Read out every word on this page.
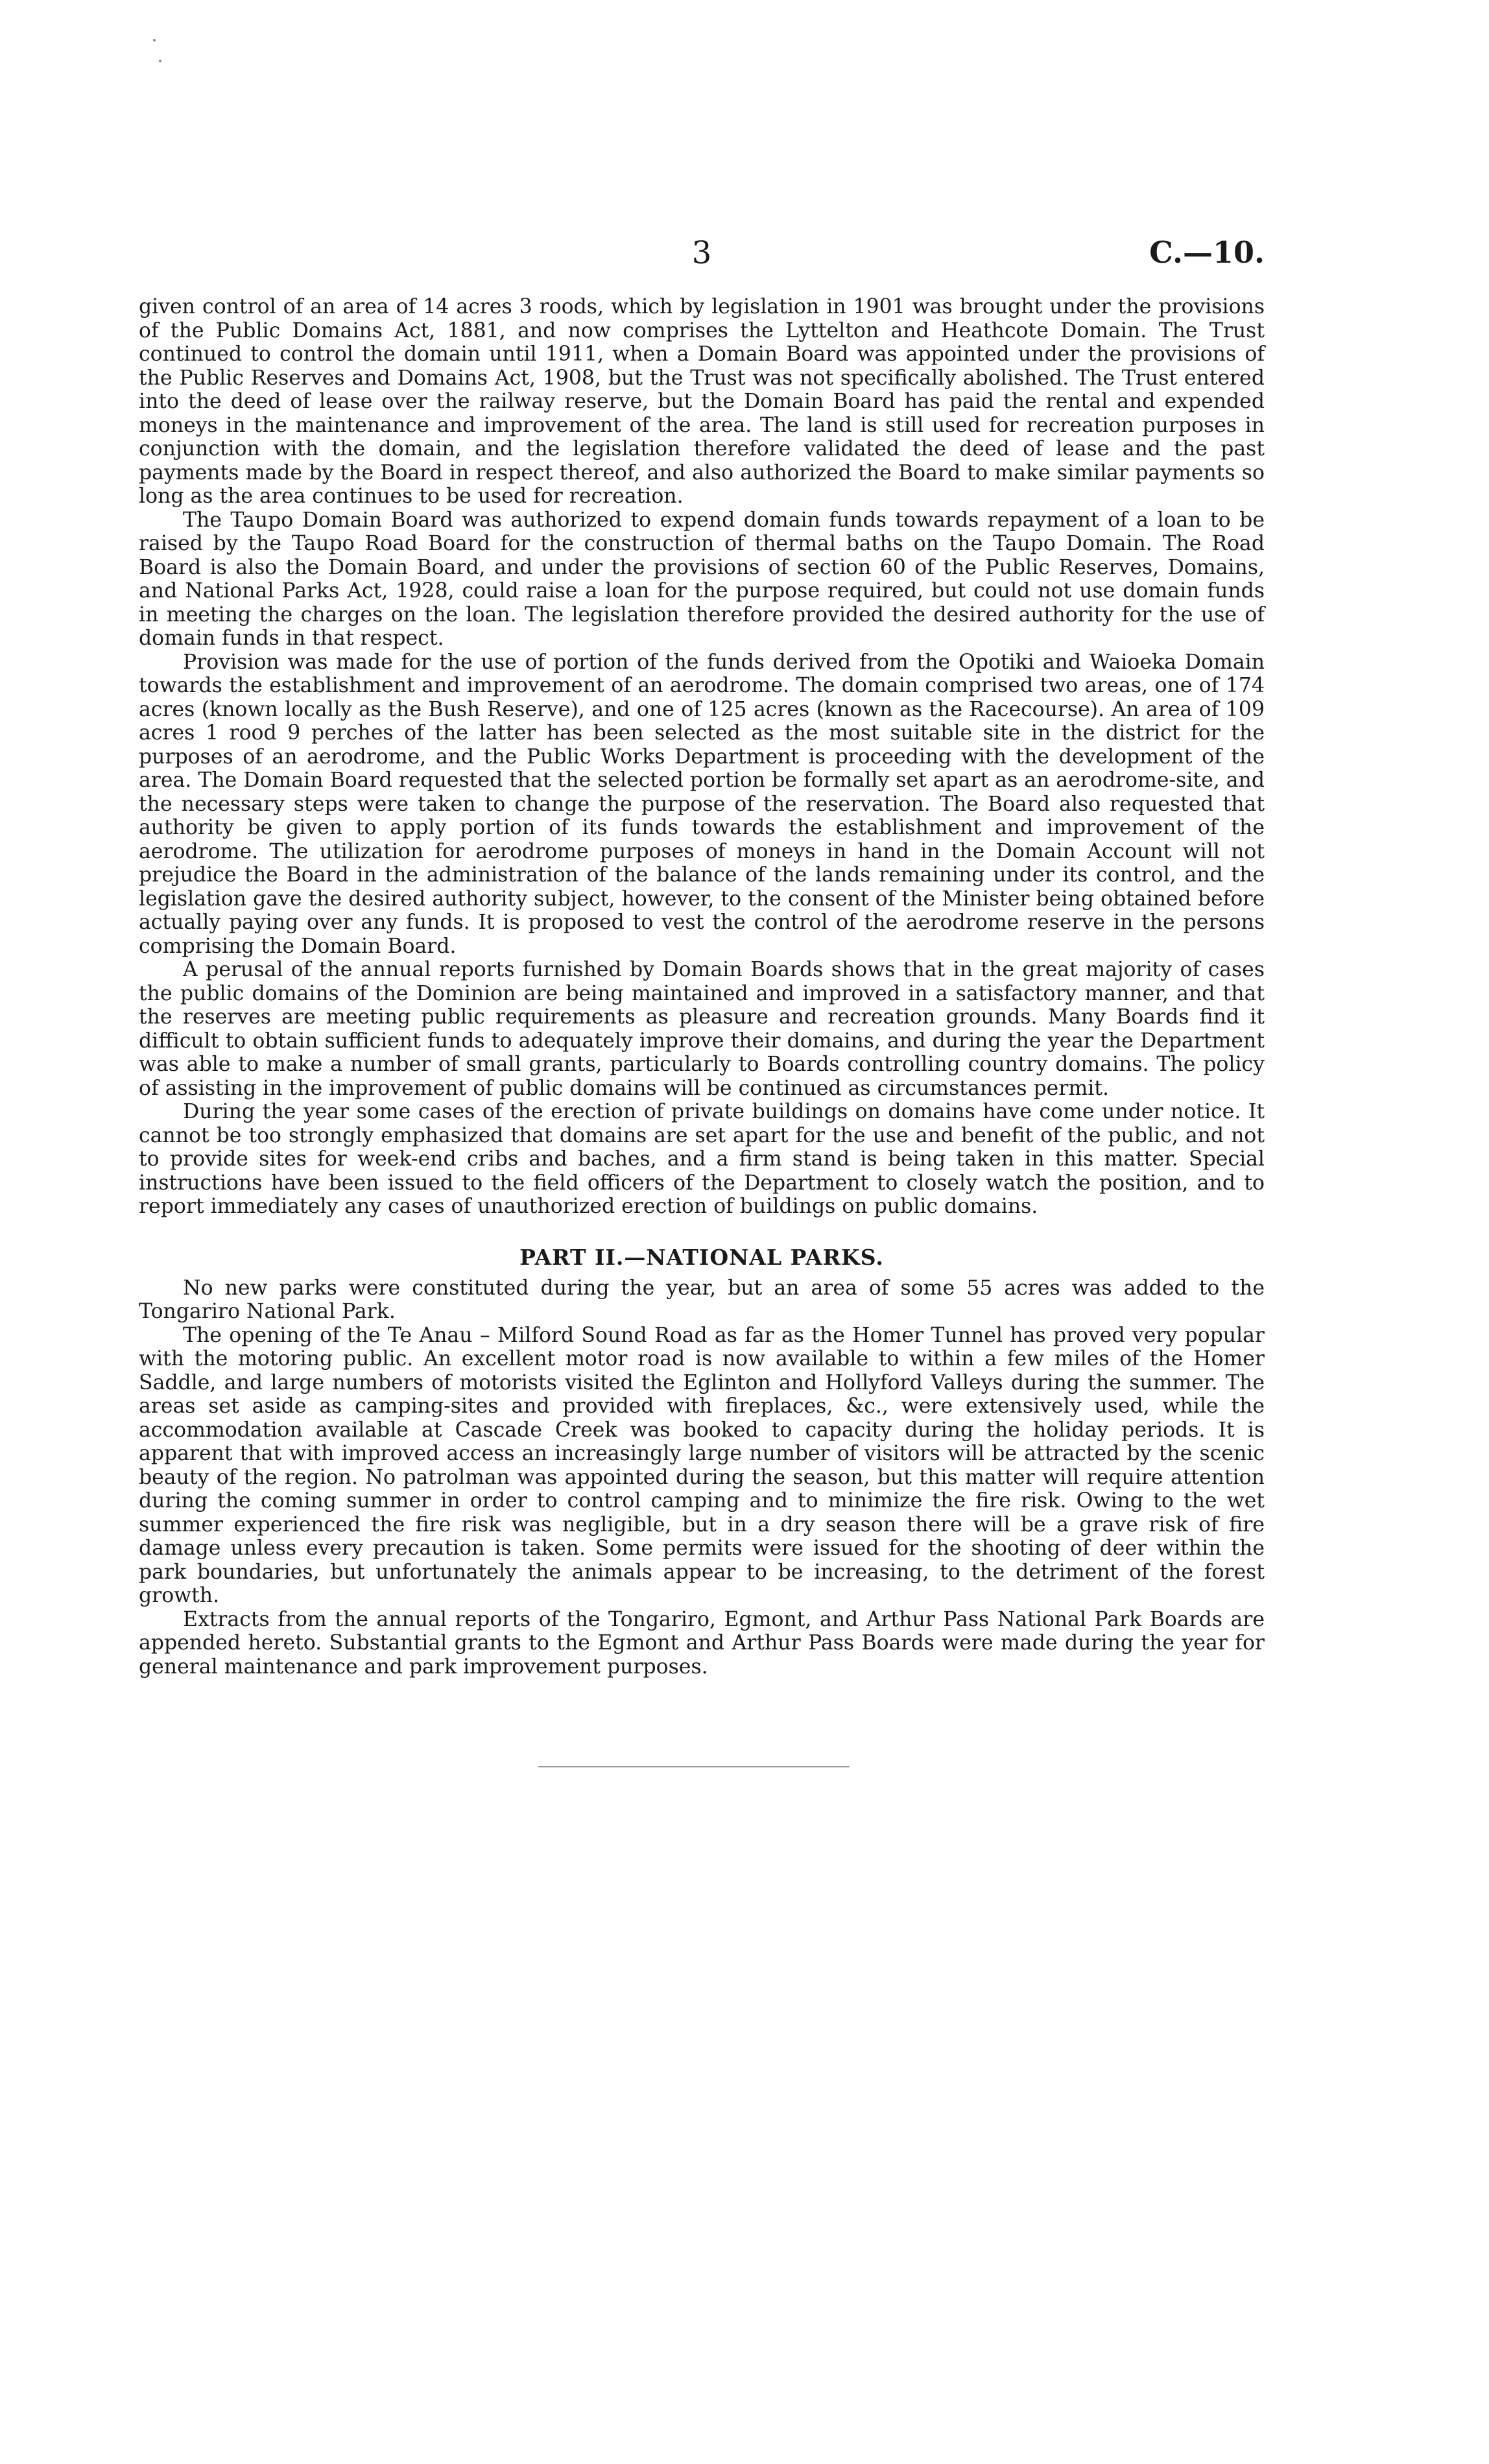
3	C.—10.

given control of an area of 14 acres 3 roods, which by legislation in 1901 was brought under the provisions of the Public Domains Act, 1881, and now comprises the Lyttelton and Heathcote Domain. The Trust continued to control the domain until 1911, when a Domain Board was appointed under the provisions of the Public Reserves and Domains Act, 1908, but the Trust was not specifically abolished. The Trust entered into the deed of lease over the railway reserve, but the Domain Board has paid the rental and expended moneys in the maintenance and improvement of the area. The land is still used for recreation purposes in conjunction with the domain, and the legislation therefore validated the deed of lease and the past payments made by the Board in respect thereof, and also authorized the Board to make similar payments so long as the area continues to be used for recreation.

The Taupo Domain Board was authorized to expend domain funds towards repayment of a loan to be raised by the Taupo Road Board for the construction of thermal baths on the Taupo Domain. The Road Board is also the Domain Board, and under the provisions of section 60 of the Public Reserves, Domains, and National Parks Act, 1928, could raise a loan for the purpose required, but could not use domain funds in meeting the charges on the loan. The legislation therefore provided the desired authority for the use of domain funds in that respect.

Provision was made for the use of portion of the funds derived from the Opotiki and Waioeka Domain towards the establishment and improvement of an aerodrome. The domain comprised two areas, one of 174 acres (known locally as the Bush Reserve), and one of 125 acres (known as the Racecourse). An area of 109 acres 1 rood 9 perches of the latter has been selected as the most suitable site in the district for the purposes of an aerodrome, and the Public Works Department is proceeding with the development of the area. The Domain Board requested that the selected portion be formally set apart as an aerodrome-site, and the necessary steps were taken to change the purpose of the reservation. The Board also requested that authority be given to apply portion of its funds towards the establishment and improvement of the aerodrome. The utilization for aerodrome purposes of moneys in hand in the Domain Account will not prejudice the Board in the administration of the balance of the lands remaining under its control, and the legislation gave the desired authority subject, however, to the consent of the Minister being obtained before actually paying over any funds. It is proposed to vest the control of the aerodrome reserve in the persons comprising the Domain Board.

A perusal of the annual reports furnished by Domain Boards shows that in the great majority of cases the public domains of the Dominion are being maintained and improved in a satisfactory manner, and that the reserves are meeting public requirements as pleasure and recreation grounds. Many Boards find it difficult to obtain sufficient funds to adequately improve their domains, and during the year the Department was able to make a number of small grants, particularly to Boards controlling country domains. The policy of assisting in the improvement of public domains will be continued as circumstances permit.

During the year some cases of the erection of private buildings on domains have come under notice. It cannot be too strongly emphasized that domains are set apart for the use and benefit of the public, and not to provide sites for week-end cribs and baches, and a firm stand is being taken in this matter. Special instructions have been issued to the field officers of the Department to closely watch the position, and to report immediately any cases of unauthorized erection of buildings on public domains.

PART II.—NATIONAL PARKS.

No new parks were constituted during the year, but an area of some 55 acres was added to the Tongariro National Park.

The opening of the Te Anau – Milford Sound Road as far as the Homer Tunnel has proved very popular with the motoring public. An excellent motor road is now available to within a few miles of the Homer Saddle, and large numbers of motorists visited the Eglinton and Hollyford Valleys during the summer. The areas set aside as camping-sites and provided with fireplaces, &c., were extensively used, while the accommodation available at Cascade Creek was booked to capacity during the holiday periods. It is apparent that with improved access an increasingly large number of visitors will be attracted by the scenic beauty of the region. No patrolman was appointed during the season, but this matter will require attention during the coming summer in order to control camping and to minimize the fire risk. Owing to the wet summer experienced the fire risk was negligible, but in a dry season there will be a grave risk of fire damage unless every precaution is taken. Some permits were issued for the shooting of deer within the park boundaries, but unfortunately the animals appear to be increasing, to the detriment of the forest growth.

Extracts from the annual reports of the Tongariro, Egmont, and Arthur Pass National Park Boards are appended hereto. Substantial grants to the Egmont and Arthur Pass Boards were made during the year for general maintenance and park improvement purposes.
